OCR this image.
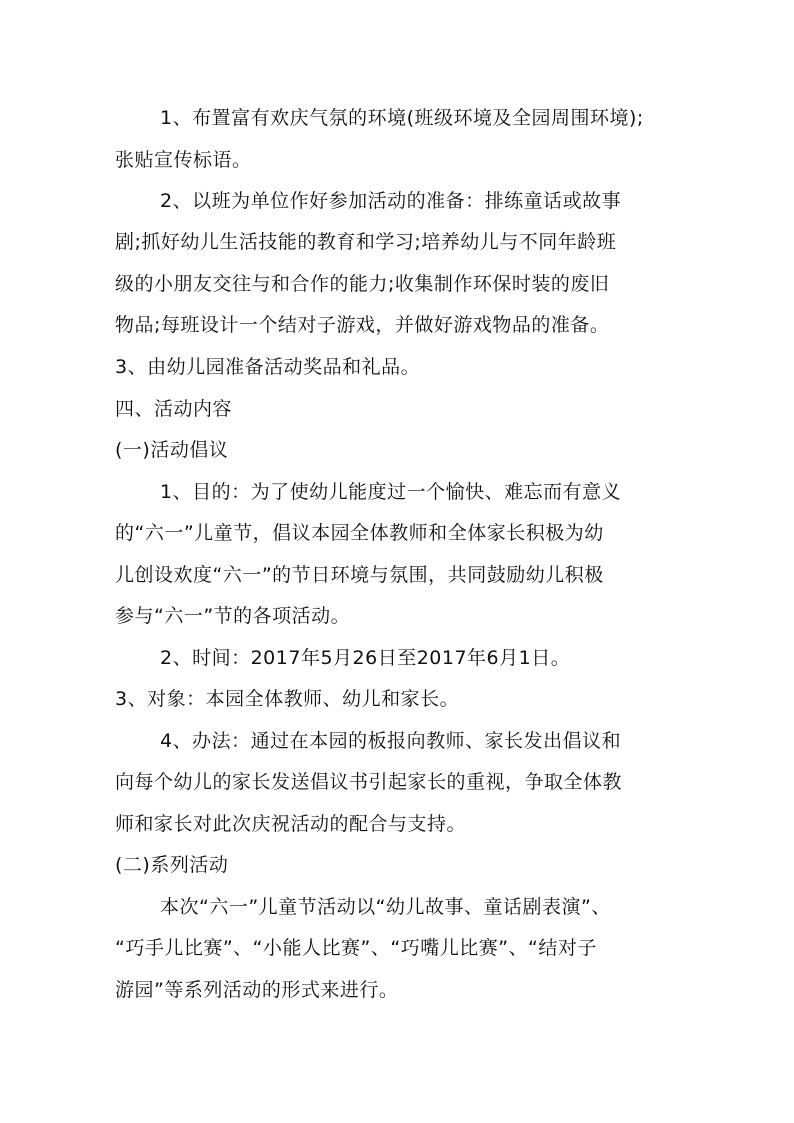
1、布置富有欢庆气氛的环境(班级环境及全园周围环境);
张贴宣传标语。
2、以班为单位作好参加活动的准备：排练童话或故事
剧;抓好幼儿生活技能的教育和学习;培养幼儿与不同年龄班
级的小朋友交往与和合作的能力;收集制作环保时装的废旧
物品;每班设计一个结对子游戏，并做好游戏物品的准备。
3、由幼儿园准备活动奖品和礼品。
四、活动内容
(一)活动倡议
1、目的：为了使幼儿能度过一个愉快、难忘而有意义
的“六一”儿童节，倡议本园全体教师和全体家长积极为幼
儿创设欢度“六一”的节日环境与氛围，共同鼓励幼儿积极
参与“六一”节的各项活动。
2、时间：2017年5月26日至2017年6月1日。
3、对象：本园全体教师、幼儿和家长。
4、办法：通过在本园的板报向教师、家长发出倡议和
向每个幼儿的家长发送倡议书引起家长的重视，争取全体教
师和家长对此次庆祝活动的配合与支持。
(二)系列活动
本次“六一”儿童节活动以“幼儿故事、童话剧表演”、
“巧手儿比赛”、“小能人比赛”、“巧嘴儿比赛”、“结对子
游园”等系列活动的形式来进行。
